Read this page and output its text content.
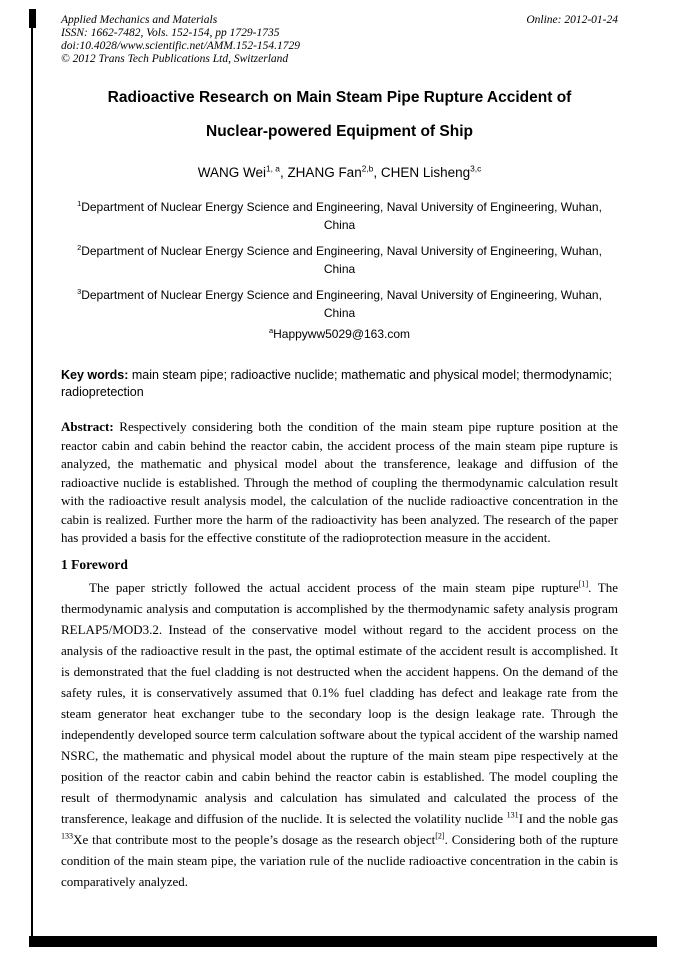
Applied Mechanics and Materials
ISSN: 1662-7482, Vols. 152-154, pp 1729-1735
doi:10.4028/www.scientific.net/AMM.152-154.1729
© 2012 Trans Tech Publications Ltd, Switzerland
Online: 2012-01-24
Radioactive Research on Main Steam Pipe Rupture Accident of
Nuclear-powered Equipment of Ship
WANG Wei$^{1, a}$, ZHANG Fan$^{2,b}$, CHEN Lisheng$^{3,c}$

$^1$Department of Nuclear Energy Science and Engineering, Naval University of Engineering, Wuhan, China

$^2$Department of Nuclear Energy Science and Engineering, Naval University of Engineering, Wuhan, China

$^3$Department of Nuclear Energy Science and Engineering, Naval University of Engineering, Wuhan, China

$^a$Happyww5029@163.com

Key words: main steam pipe; radioactive nuclide; mathematic and physical model; thermodynamic; radiopretection

Abstract: Respectively considering both the condition of the main steam pipe rupture position at the reactor cabin and cabin behind the reactor cabin, the accident process of the main steam pipe rupture is analyzed, the mathematic and physical model about the transference, leakage and diffusion of the radioactive nuclide is established. Through the method of coupling the thermodynamic calculation result with the radioactive result analysis model, the calculation of the nuclide radioactive concentration in the cabin is realized. Further more the harm of the radioactivity has been analyzed. The research of the paper has provided a basis for the effective constitute of the radioprotection measure in the accident.

1 Foreword

The paper strictly followed the actual accident process of the main steam pipe rupture[1]. The thermodynamic analysis and computation is accomplished by the thermodynamic safety analysis program RELAP5/MOD3.2. Instead of the conservative model without regard to the accident process on the analysis of the radioactive result in the past, the optimal estimate of the accident result is accomplished. It is demonstrated that the fuel cladding is not destructed when the accident happens. On the demand of the safety rules, it is conservatively assumed that 0.1% fuel cladding has defect and leakage rate from the steam generator heat exchanger tube to the secondary loop is the design leakage rate. Through the independently developed source term calculation software about the typical accident of the warship named NSRC, the mathematic and physical model about the rupture of the main steam pipe respectively at the position of the reactor cabin and cabin behind the reactor cabin is established. The model coupling the result of thermodynamic analysis and calculation has simulated and calculated the process of the transference, leakage and diffusion of the nuclide. It is selected the volatility nuclide $^{131}$I and the noble gas $^{133}$Xe that contribute most to the people’s dosage as the research object[2]. Considering both of the rupture condition of the main steam pipe, the variation rule of the nuclide radioactive concentration in the cabin is comparatively analyzed.
